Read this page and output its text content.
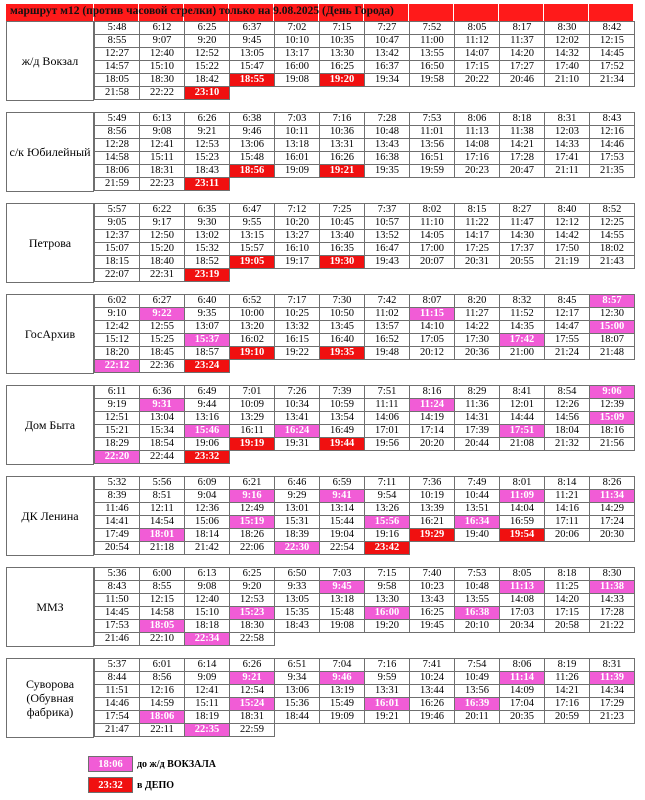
маршрут м12 (против часовой стрелки) только на 9.08.2025 (День Города)
ж/д Вокзал
5:48	6:12	6:25	6:37	7:02	7:15	7:27	7:52	8:05	8:17	8:30	8:42
8:55	9:07	9:20	9:45	10:10	10:35	10:47	11:00	11:12	11:37	12:02	12:15
12:27	12:40	12:52	13:05	13:17	13:30	13:42	13:55	14:07	14:20	14:32	14:45
14:57	15:10	15:22	15:47	16:00	16:25	16:37	16:50	17:15	17:27	17:40	17:52
18:05	18:30	18:42	18:55	19:08	19:20	19:34	19:58	20:22	20:46	21:10	21:34
21:58	22:22	23:10									
с/к Юбилейный
5:49	6:13	6:26	6:38	7:03	7:16	7:28	7:53	8:06	8:18	8:31	8:43
8:56	9:08	9:21	9:46	10:11	10:36	10:48	11:01	11:13	11:38	12:03	12:16
12:28	12:41	12:53	13:06	13:18	13:31	13:43	13:56	14:08	14:21	14:33	14:46
14:58	15:11	15:23	15:48	16:01	16:26	16:38	16:51	17:16	17:28	17:41	17:53
18:06	18:31	18:43	18:56	19:09	19:21	19:35	19:59	20:23	20:47	21:11	21:35
21:59	22:23	23:11									
Петрова
5:57	6:22	6:35	6:47	7:12	7:25	7:37	8:02	8:15	8:27	8:40	8:52
9:05	9:17	9:30	9:55	10:20	10:45	10:57	11:10	11:22	11:47	12:12	12:25
12:37	12:50	13:02	13:15	13:27	13:40	13:52	14:05	14:17	14:30	14:42	14:55
15:07	15:20	15:32	15:57	16:10	16:35	16:47	17:00	17:25	17:37	17:50	18:02
18:15	18:40	18:52	19:05	19:17	19:30	19:43	20:07	20:31	20:55	21:19	21:43
22:07	22:31	23:19									
ГосАрхив
6:02	6:27	6:40	6:52	7:17	7:30	7:42	8:07	8:20	8:32	8:45	8:57
9:10	9:22	9:35	10:00	10:25	10:50	11:02	11:15	11:27	11:52	12:17	12:30
12:42	12:55	13:07	13:20	13:32	13:45	13:57	14:10	14:22	14:35	14:47	15:00
15:12	15:25	15:37	16:02	16:15	16:40	16:52	17:05	17:30	17:42	17:55	18:07
18:20	18:45	18:57	19:10	19:22	19:35	19:48	20:12	20:36	21:00	21:24	21:48
22:12	22:36	23:24									
Дом Быта
6:11	6:36	6:49	7:01	7:26	7:39	7:51	8:16	8:29	8:41	8:54	9:06
9:19	9:31	9:44	10:09	10:34	10:59	11:11	11:24	11:36	12:01	12:26	12:39
12:51	13:04	13:16	13:29	13:41	13:54	14:06	14:19	14:31	14:44	14:56	15:09
15:21	15:34	15:46	16:11	16:24	16:49	17:01	17:14	17:39	17:51	18:04	18:16
18:29	18:54	19:06	19:19	19:31	19:44	19:56	20:20	20:44	21:08	21:32	21:56
22:20	22:44	23:32									
ДК Ленина
5:32	5:56	6:09	6:21	6:46	6:59	7:11	7:36	7:49	8:01	8:14	8:26
8:39	8:51	9:04	9:16	9:29	9:41	9:54	10:19	10:44	11:09	11:21	11:34
11:46	12:11	12:36	12:49	13:01	13:14	13:26	13:39	13:51	14:04	14:16	14:29
14:41	14:54	15:06	15:19	15:31	15:44	15:56	16:21	16:34	16:59	17:11	17:24
17:49	18:01	18:14	18:26	18:39	19:04	19:16	19:29	19:40	19:54	20:06	20:30
20:54	21:18	21:42	22:06	22:30	22:54	23:42					
ММЗ
5:36	6:00	6:13	6:25	6:50	7:03	7:15	7:40	7:53	8:05	8:18	8:30
8:43	8:55	9:08	9:20	9:33	9:45	9:58	10:23	10:48	11:13	11:25	11:38
11:50	12:15	12:40	12:53	13:05	13:18	13:30	13:43	13:55	14:08	14:20	14:33
14:45	14:58	15:10	15:23	15:35	15:48	16:00	16:25	16:38	17:03	17:15	17:28
17:53	18:05	18:18	18:30	18:43	19:08	19:20	19:45	20:10	20:34	20:58	21:22
21:46	22:10	22:34	22:58								
Суворова (Обувная фабрика)
5:37	6:01	6:14	6:26	6:51	7:04	7:16	7:41	7:54	8:06	8:19	8:31
8:44	8:56	9:09	9:21	9:34	9:46	9:59	10:24	10:49	11:14	11:26	11:39
11:51	12:16	12:41	12:54	13:06	13:19	13:31	13:44	13:56	14:09	14:21	14:34
14:46	14:59	15:11	15:24	15:36	15:49	16:01	16:26	16:39	17:04	17:16	17:29
17:54	18:06	18:19	18:31	18:44	19:09	19:21	19:46	20:11	20:35	20:59	21:23
21:47	22:11	22:35	22:59								
18:06	до ж/д ВОКЗАЛА
23:32	в ДЕПО
